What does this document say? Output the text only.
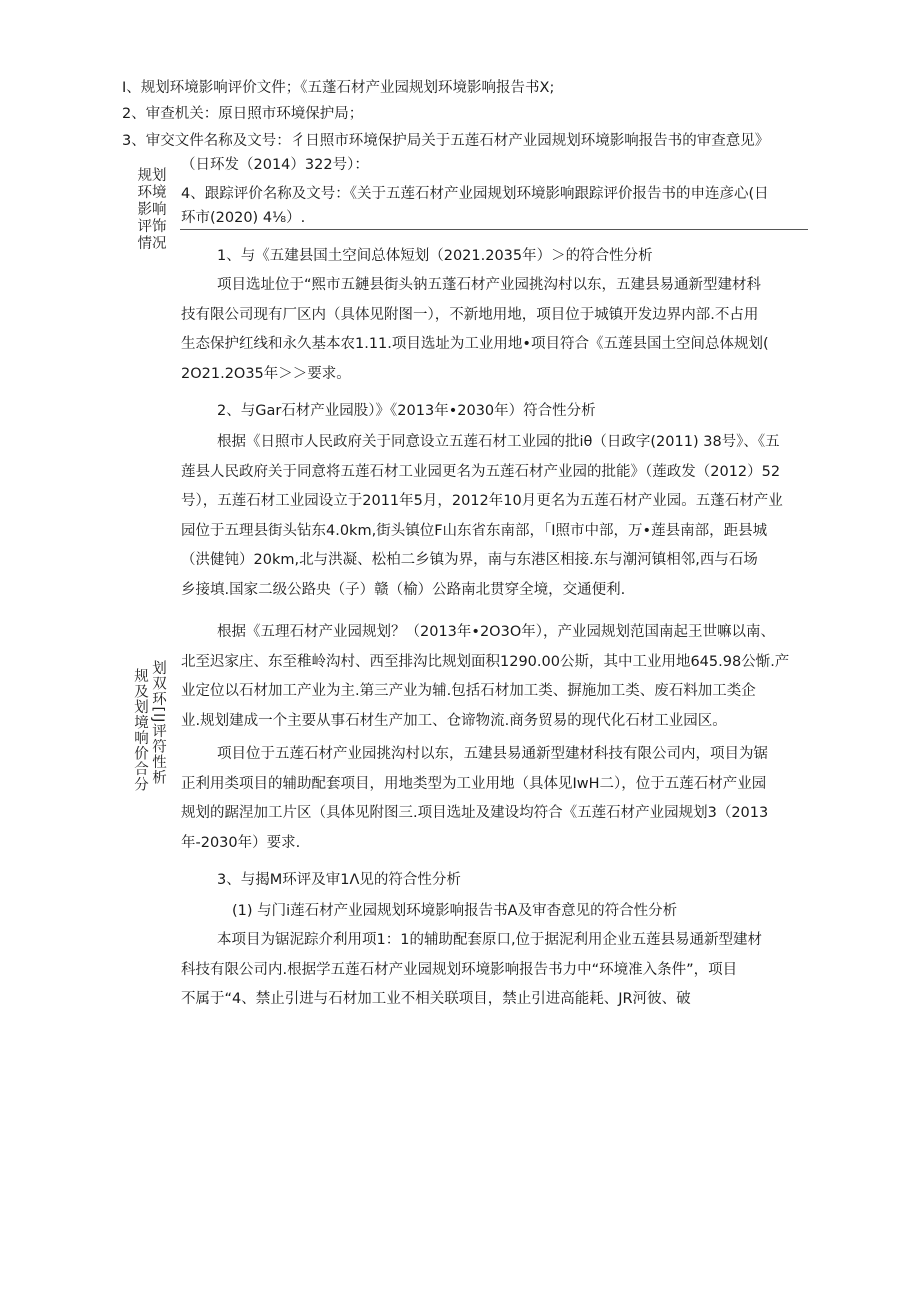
I、规划环境影响评价文件；《五蓬石材产业园规划环境影响报告书X;
2、审查机关：原日照市环境保护局；
3、审交文件名称及文号：彳日照市环境保护局关于五莲石材产业园规划环境影响报告书的审查意见》
（日环发（2014）322号）：
4、跟踪评价名称及文号：《关于五莲石材产业园规划环境影响跟踪评价报告书的申连彦心(日
环市(2020) 4⅛）.
规划
环境
影响
评饰
情况
规及划境响价合分 划双环[lJ评符性析
1、与《五建县国土空间总体短划（2021.2035年）＞的符合性分析
项目选址位于“熙市五鏈县街头钠五蓬石材产业园挑沟村以东，五建县易通新型建材科
技有限公司现有厂区内（具体见附图一），不新地用地，项目位于城镇开发边界内部.不占用
生态保护红线和永久基本农1.11.项目选址为工业用地•项目符合《五莲县国土空间总体规划(
2O21.2O35年＞＞要求。
2、与Gar石材产业园股）》《2013年•2030年）符合性分析
根据《日照市人民政府关于同意设立五莲石材工业园的批iθ（日政字(2011) 38号》、《五
莲县人民政府关于同意将五莲石材工业园更名为五莲石材产业园的批能》（莲政发（2012）52
号），五莲石材工业园设立于2011年5月，2012年10月更名为五莲石材产业园。五蓬石材产业
园位于五理县街头钻东4.0km,街头镇位F山东省东南部，「I照市中部，万•莲县南部，距县城
（洪健钝）20km,北与洪凝、松柏二乡镇为界，南与东港区相接.东与潮河镇相邻,西与石场
乡接填.国家二级公路央（子）赣（榆）公路南北贯穿全境，交通便利.
根据《五理石材产业园规划？（2013年•2O3O年），产业园规划范国南起王世嘛以南、
北至迟家庄、东至稚岭沟村、西至排沟比规划面积1290.00公斯，其中工业用地645.98公惭.产
业定位以石材加工产业为主.第三产业为辅.包括石材加工类、摒施加工类、废石料加工类企
业.规划建成一个主要从事石材生产加工、仓谛物流.商务贸易的现代化石材工业园区。
项目位于五莲石材产业园挑沟村以东，五建县易通新型建材科技有限公司内，项目为锯
正利用类项目的辅助配套项目，用地类型为工业用地（具体见IwH二），位于五莲石材产业园
规划的踞涅加工片区（具体见附图三.项目选址及建设均符合《五莲石材产业园规划3（2013
年-2030年）要求.
3、与揭M环评及审1Λ见的符合性分析
(1) 与门i莲石材产业园规划环境影响报告书A及审杳意见的符合性分析
本项目为锯泥踪介利用项1：1的辅助配套原口,位于据泥利用企业五莲县易通新型建材
科技有限公司内.根据学五莲石材产业园规划环境影响报告书力中“环境准入条件”，项目
不属于“4、禁止引进与石材加工业不相关联项目，禁止引进高能耗、JR河彼、破
